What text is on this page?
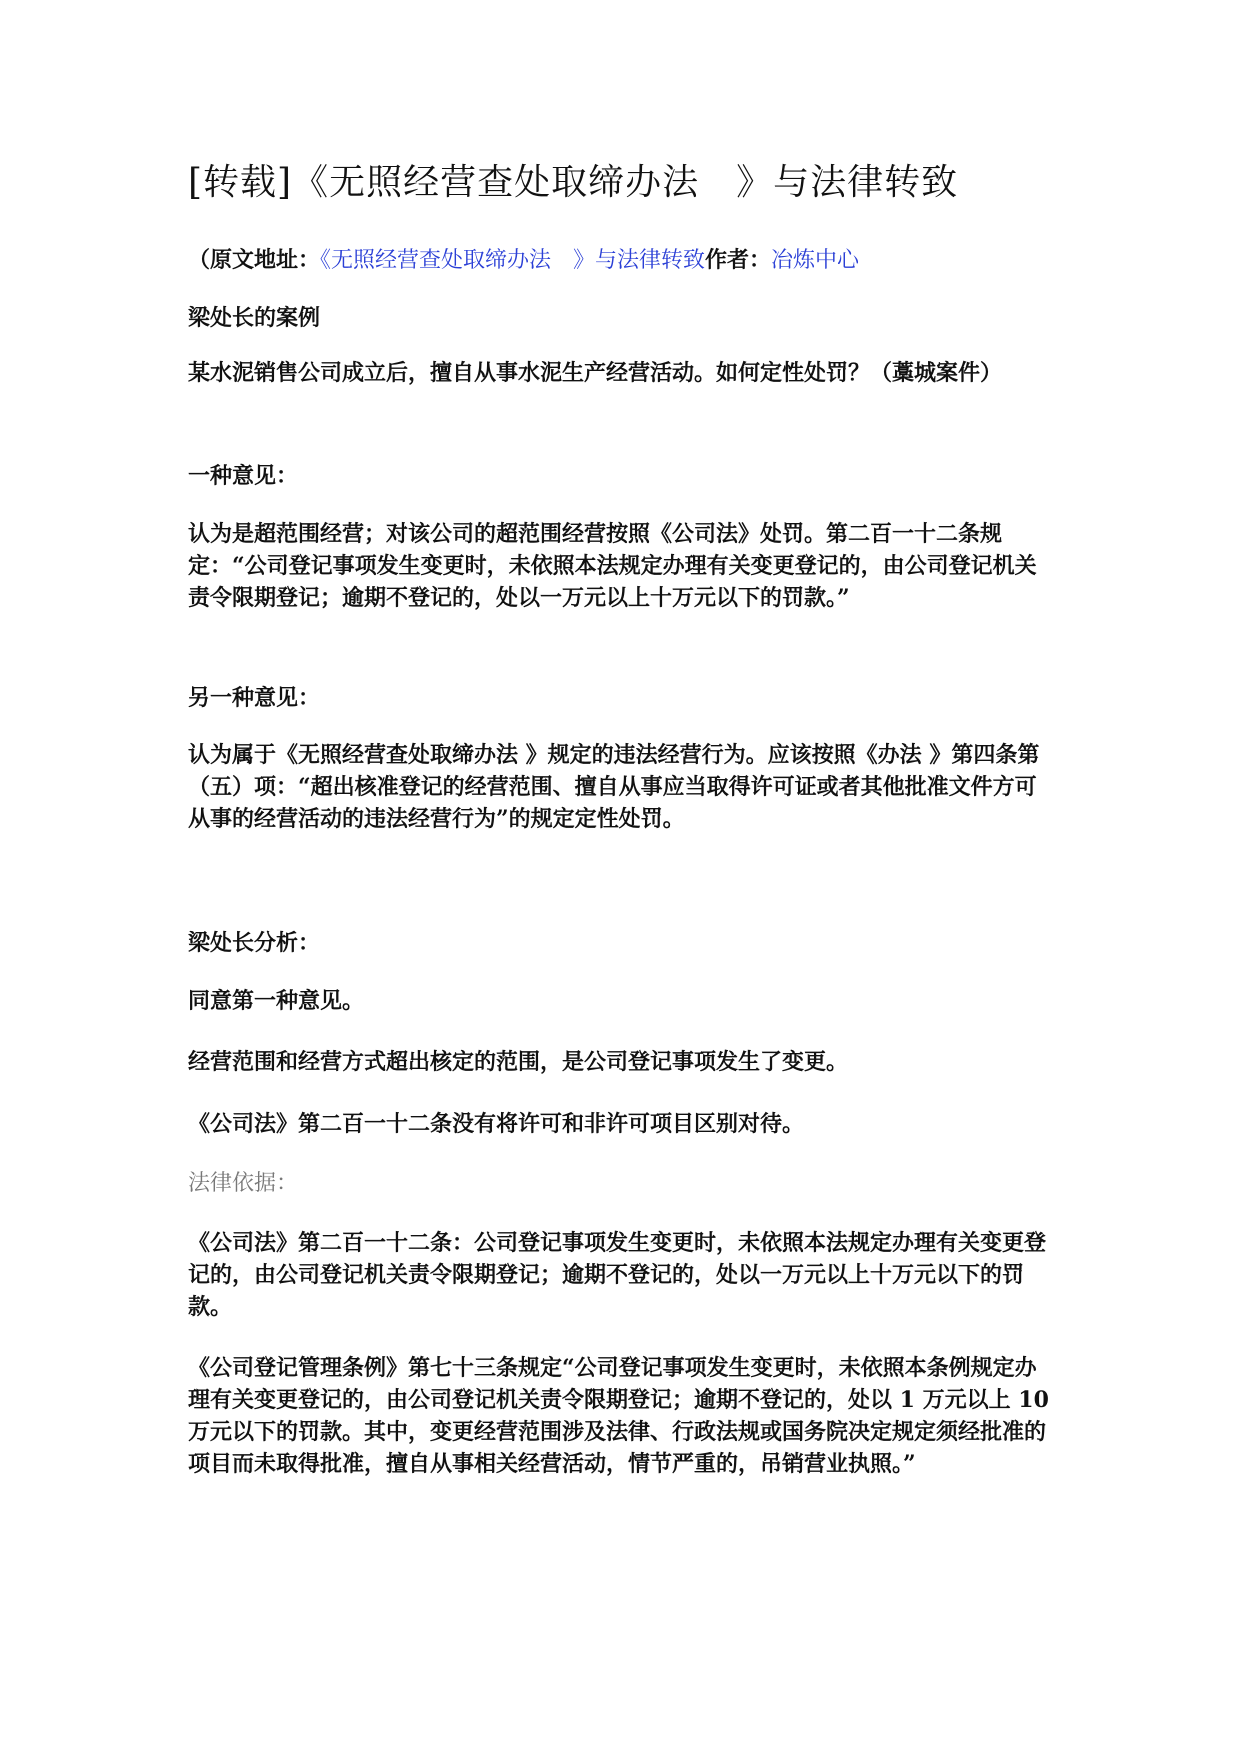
[转载]《无照经营查处取缔办法　》与法律转致
（原文地址：《无照经营查处取缔办法　》与法律转致作者：冶炼中心

梁处长的案例

某水泥销售公司成立后，擅自从事水泥生产经营活动。如何定性处罚？（藁城案件）

一种意见：

认为是超范围经营；对该公司的超范围经营按照《公司法》处罚。第二百一十二条规定：“公司登记事项发生变更时，未依照本法规定办理有关变更登记的，由公司登记机关责令限期登记；逾期不登记的，处以一万元以上十万元以下的罚款。”

另一种意见：

认为属于《无照经营查处取缔办法 》规定的违法经营行为。应该按照《办法 》第四条第（五）项：“超出核准登记的经营范围、擅自从事应当取得许可证或者其他批准文件方可从事的经营活动的违法经营行为”的规定定性处罚。

梁处长分析：

同意第一种意见。

经营范围和经营方式超出核定的范围，是公司登记事项发生了变更。

《公司法》第二百一十二条没有将许可和非许可项目区别对待。

法律依据：

《公司法》第二百一十二条：公司登记事项发生变更时，未依照本法规定办理有关变更登记的，由公司登记机关责令限期登记；逾期不登记的，处以一万元以上十万元以下的罚款。

《公司登记管理条例》第七十三条规定“公司登记事项发生变更时，未依照本条例规定办理有关变更登记的，由公司登记机关责令限期登记；逾期不登记的，处以 1 万元以上 10 万元以下的罚款。其中，变更经营范围涉及法律、行政法规或国务院决定规定须经批准的项目而未取得批准，擅自从事相关经营活动，情节严重的，吊销营业执照。”
